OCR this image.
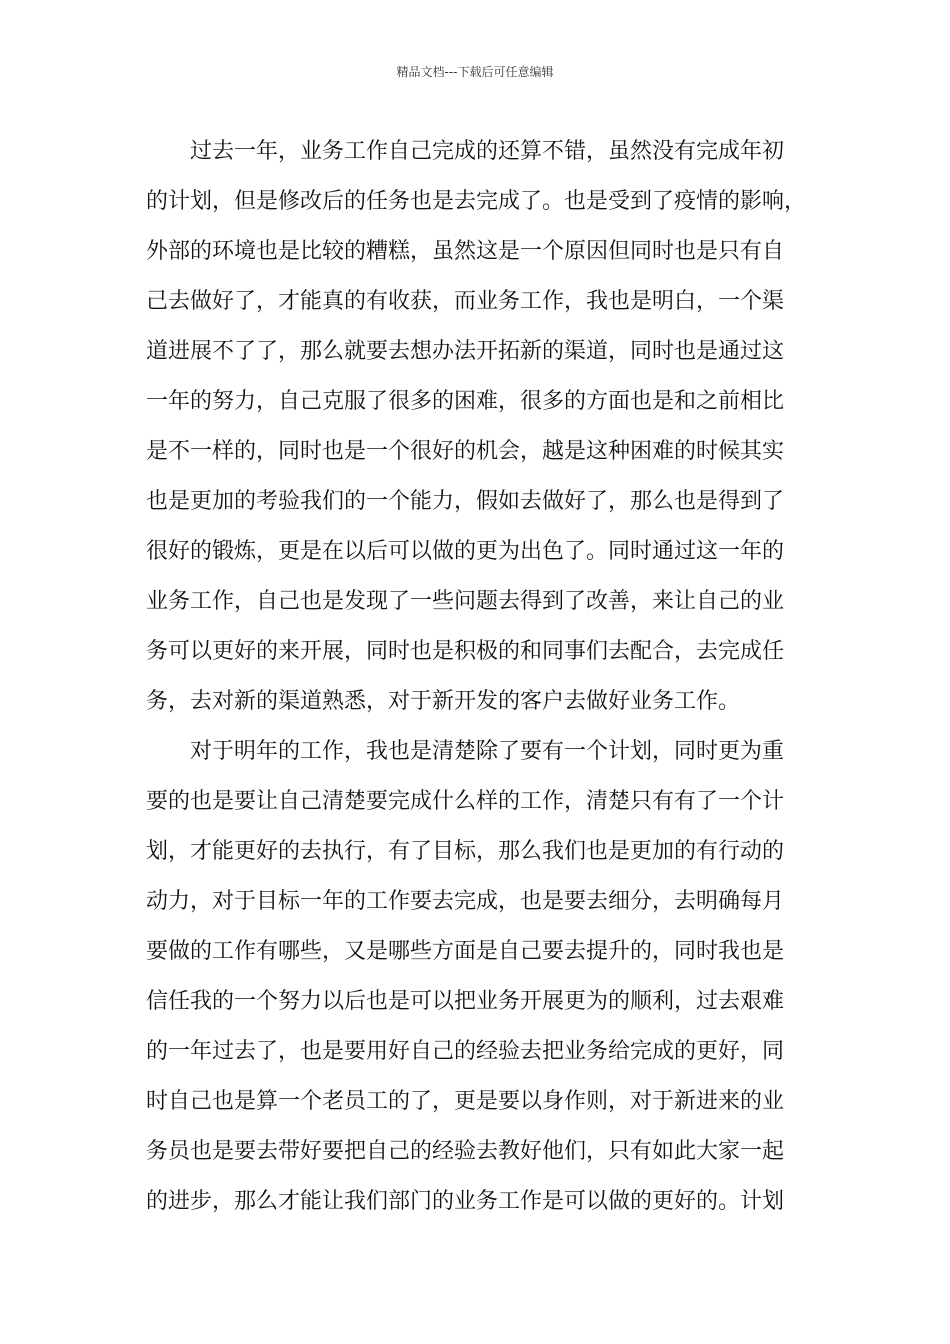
精品文档---下载后可任意编辑
过去一年，业务工作自己完成的还算不错，虽然没有完成年初
的计划，但是修改后的任务也是去完成了。也是受到了疫情的影响，
外部的环境也是比较的糟糕，虽然这是一个原因但同时也是只有自
己去做好了，才能真的有收获，而业务工作，我也是明白，一个渠
道进展不了了，那么就要去想办法开拓新的渠道，同时也是通过这
一年的努力，自己克服了很多的困难，很多的方面也是和之前相比
是不一样的，同时也是一个很好的机会，越是这种困难的时候其实
也是更加的考验我们的一个能力，假如去做好了，那么也是得到了
很好的锻炼，更是在以后可以做的更为出色了。同时通过这一年的
业务工作，自己也是发现了一些问题去得到了改善，来让自己的业
务可以更好的来开展，同时也是积极的和同事们去配合，去完成任
务，去对新的渠道熟悉，对于新开发的客户去做好业务工作。
对于明年的工作，我也是清楚除了要有一个计划，同时更为重
要的也是要让自己清楚要完成什么样的工作，清楚只有有了一个计
划，才能更好的去执行，有了目标，那么我们也是更加的有行动的
动力，对于目标一年的工作要去完成，也是要去细分，去明确每月
要做的工作有哪些，又是哪些方面是自己要去提升的，同时我也是
信任我的一个努力以后也是可以把业务开展更为的顺利，过去艰难
的一年过去了，也是要用好自己的经验去把业务给完成的更好，同
时自己也是算一个老员工的了，更是要以身作则，对于新进来的业
务员也是要去带好要把自己的经验去教好他们，只有如此大家一起
的进步，那么才能让我们部门的业务工作是可以做的更好的。计划
